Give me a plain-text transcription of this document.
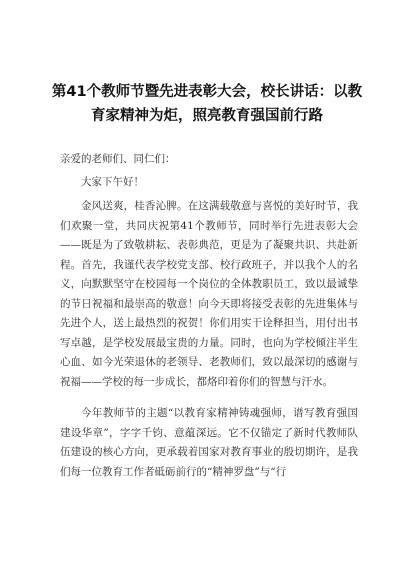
第41个教师节暨先进表彰大会，校长讲话：以教育家精神为炬，照亮教育强国前行路

亲爱的老师们、同仁们：

大家下午好！

金风送爽，桂香沁脾。在这满载敬意与喜悦的美好时节，我们欢聚一堂，共同庆祝第41个教师节，同时举行先进表彰大会——既是为了致敬耕耘、表彰典范，更是为了凝聚共识、共赴新程。首先，我谨代表学校党支部、校行政班子，并以我个人的名义，向默默坚守在校园每一个岗位的全体教职员工，致以最诚挚的节日祝福和最崇高的敬意！向今天即将接受表彰的先进集体与先进个人，送上最热烈的祝贺！你们用实干诠释担当，用付出书写卓越，是学校发展最宝贵的力量。同时，也向为学校倾注半生心血、如今光荣退休的老领导、老教师们，致以最深切的感谢与祝福——学校的每一步成长，都烙印着你们的智慧与汗水。

今年教师节的主题“以教育家精神铸魂强师，谱写教育强国建设华章”，字字千钧、意蕴深远。它不仅锚定了新时代教师队伍建设的核心方向，更承载着国家对教育事业的殷切期许，是我们每一位教育工作者砥砺前行的“精神罗盘”与“行
